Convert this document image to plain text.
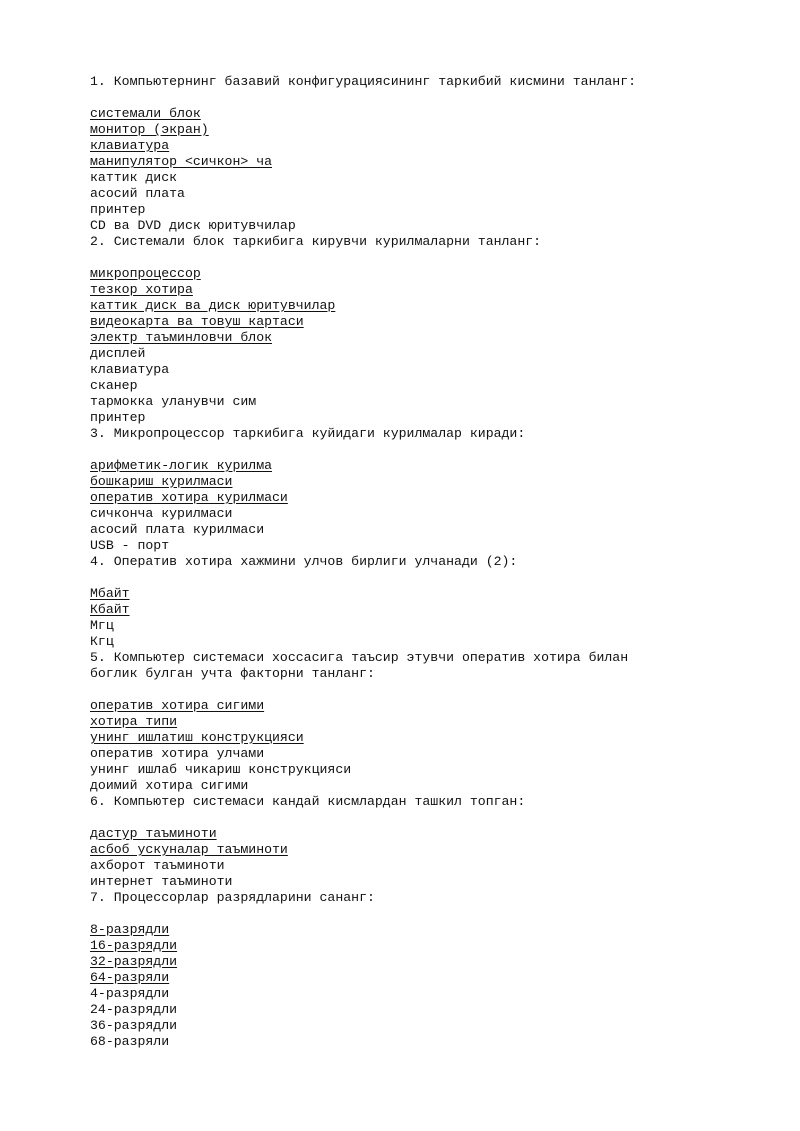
1. Компьютернинг базавий конфигурациясининг таркибий кисмини танланг:
системали блок
монитор (экран)
клавиатура
манипулятор <сичкон> ча
каттик диск
асосий плата
принтер
CD ва DVD диск юритувчилар
2. Системали блок таркибига кирувчи курилмаларни танланг:
микропроцессор
тезкор хотира
каттик диск ва диск юритувчилар
видеокарта ва товуш картаси
электр таъминловчи блок
дисплей
клавиатура
сканер
тармокка уланувчи сим
принтер
3. Микропроцессор таркибига куйидаги курилмалар киради:
арифметик-логик курилма
бошкариш курилмаси
оператив хотира курилмаси
сичконча курилмаси
асосий плата курилмаси
USB - порт
4. Оператив хотира хажмини улчов бирлиги улчанади (2):
Мбайт
Кбайт
Мгц
Кгц
5. Компьютер системаси хоссасига таъсир этувчи оператив хотира билан
боглик булган учта факторни танланг:
оператив хотира сигими
хотира типи
унинг ишлатиш конструкцияси
оператив хотира улчами
унинг ишлаб чикариш конструкцияси
доимий хотира сигими
6. Компьютер системаси кандай кисмлардан ташкил топган:
дастур таъминоти
асбоб ускуналар таъминоти
ахборот таъминоти
интернет таъминоти
7. Процессорлар разрядларини сананг:
8-разрядли
16-разрядли
32-разрядли
64-разряли
4-разрядли
24-разрядли
36-разрядли
68-разряли
